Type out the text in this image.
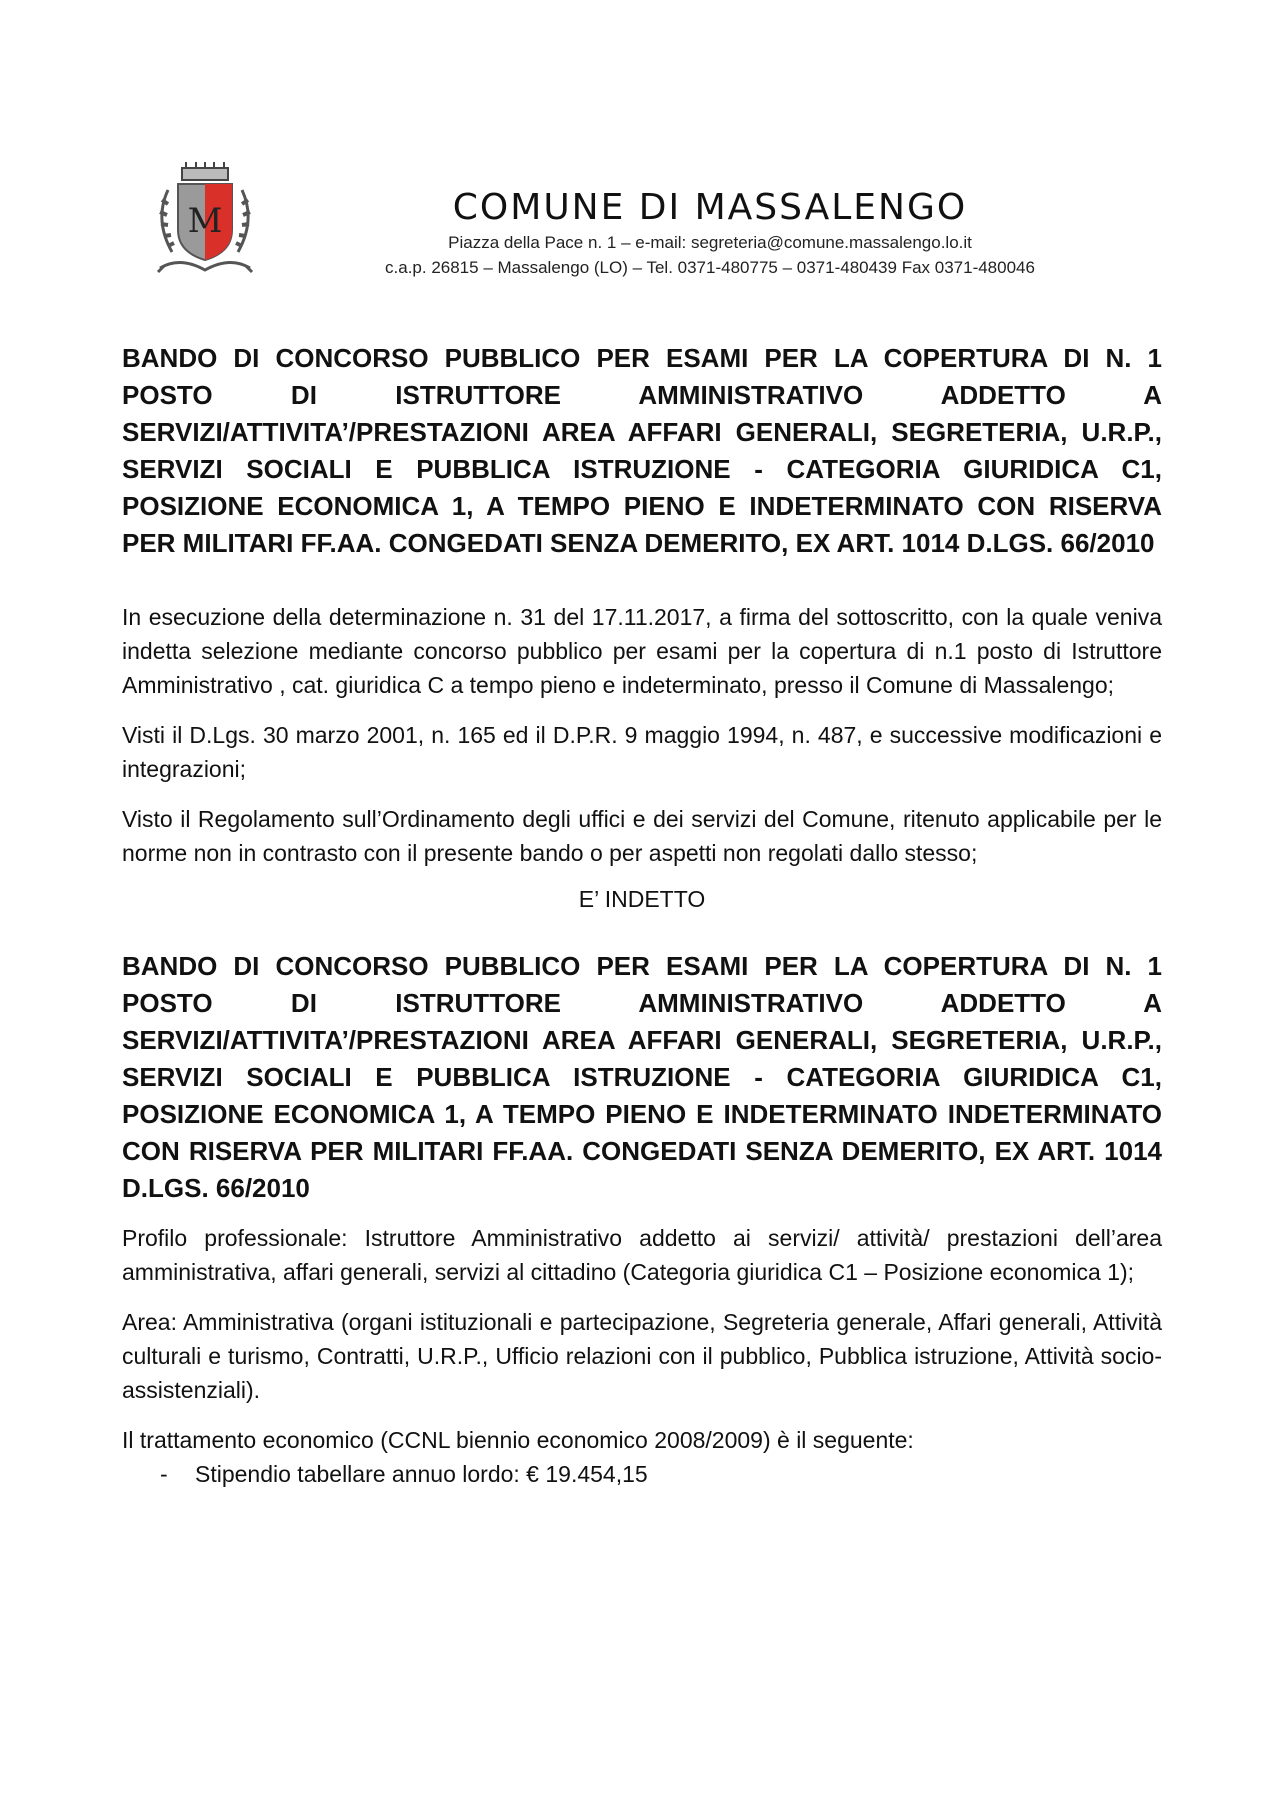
M	COMUNE DI MASSALENGO

Piazza della Pace n. 1 – e-mail: segreteria@comune.massalengo.lo.it

c.a.p. 26815 – Massalengo (LO) – Tel. 0371-480775 – 0371-480439 Fax 0371-480046

BANDO DI CONCORSO PUBBLICO PER ESAMI PER LA COPERTURA DI N. 1 POSTO DI ISTRUTTORE AMMINISTRATIVO ADDETTO A SERVIZI/ATTIVITA’/PRESTAZIONI AREA AFFARI GENERALI, SEGRETERIA, U.R.P., SERVIZI SOCIALI E PUBBLICA ISTRUZIONE - CATEGORIA GIURIDICA C1, POSIZIONE ECONOMICA 1, A TEMPO PIENO E INDETERMINATO CON RISERVA PER MILITARI FF.AA. CONGEDATI SENZA DEMERITO, EX ART. 1014 D.LGS. 66/2010

In esecuzione della determinazione n. 31 del 17.11.2017, a firma del sottoscritto, con la quale veniva indetta selezione mediante concorso pubblico per esami per la copertura di n.1 posto di Istruttore Amministrativo , cat. giuridica C a tempo pieno e indeterminato, presso il Comune di Massalengo;

Visti il D.Lgs. 30 marzo 2001, n. 165 ed il D.P.R. 9 maggio 1994, n. 487, e successive modificazioni e integrazioni;

Visto il Regolamento sull’Ordinamento degli uffici e dei servizi del Comune, ritenuto applicabile per le norme non in contrasto con il presente bando o per aspetti non regolati dallo stesso;

E’ INDETTO

BANDO DI CONCORSO PUBBLICO PER ESAMI PER LA COPERTURA DI N. 1 POSTO DI ISTRUTTORE AMMINISTRATIVO ADDETTO A SERVIZI/ATTIVITA’/PRESTAZIONI AREA AFFARI GENERALI, SEGRETERIA, U.R.P., SERVIZI SOCIALI E PUBBLICA ISTRUZIONE - CATEGORIA GIURIDICA C1, POSIZIONE ECONOMICA 1, A TEMPO PIENO E INDETERMINATO INDETERMINATO CON RISERVA PER MILITARI FF.AA. CONGEDATI SENZA DEMERITO, EX ART. 1014 D.LGS. 66/2010

Profilo professionale: Istruttore Amministrativo addetto ai servizi/ attività/ prestazioni dell’area amministrativa, affari generali, servizi al cittadino (Categoria giuridica C1 – Posizione economica 1);

Area: Amministrativa (organi istituzionali e partecipazione, Segreteria generale, Affari generali, Attività culturali e turismo, Contratti, U.R.P., Ufficio relazioni con il pubblico, Pubblica istruzione, Attività socio-assistenziali).

Il trattamento economico (CCNL biennio economico 2008/2009) è il seguente:

-	Stipendio tabellare annuo lordo: € 19.454,15
